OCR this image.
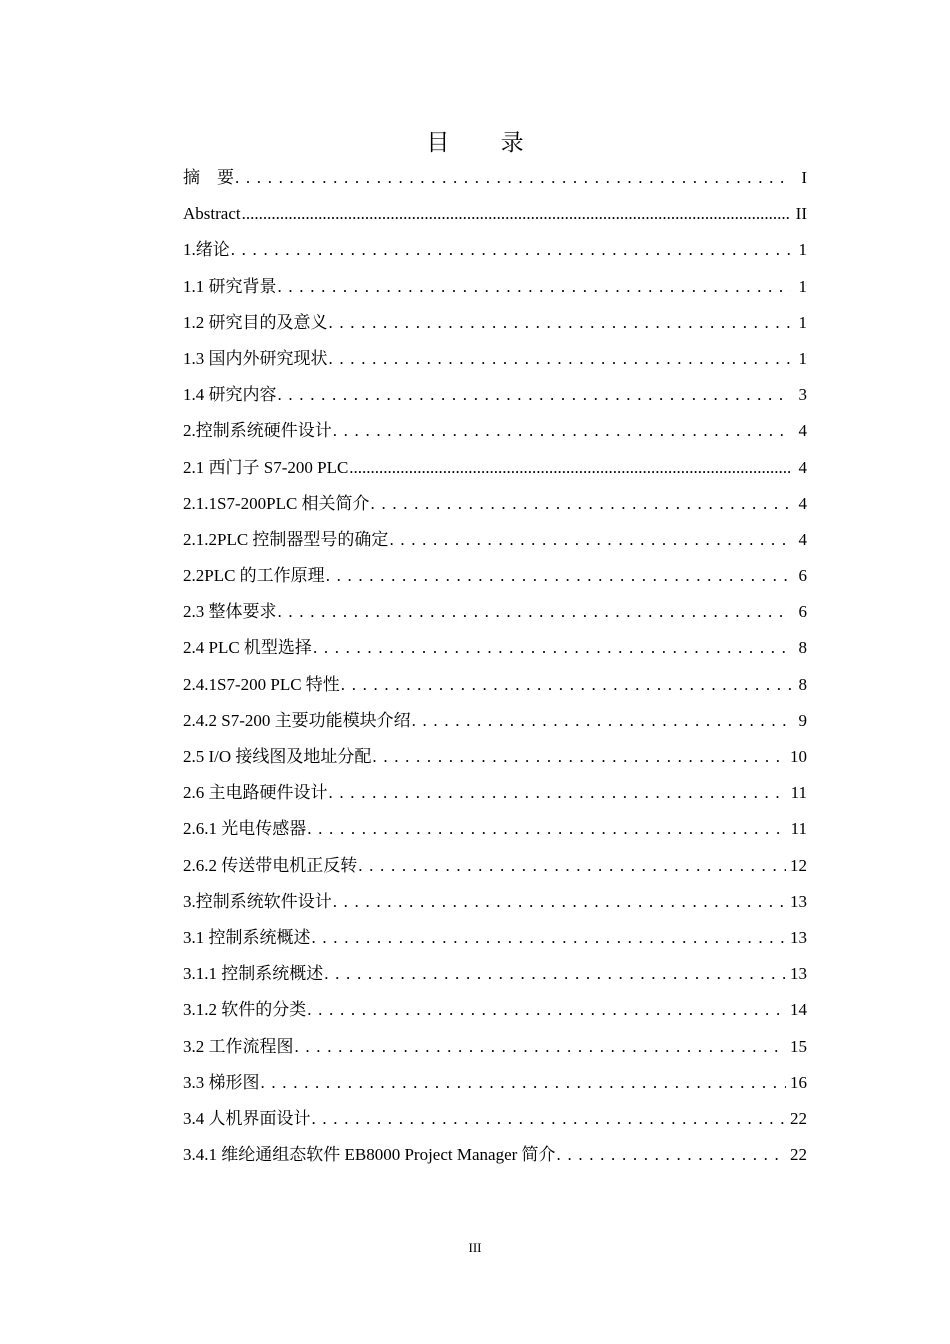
目 录
摘　要 . . .	I
Abstract .....	II
1.绪论 . . .	1
1.1 研究背景 . . .	1
1.2 研究目的及意义 . . .	1
1.3 国内外研究现状 . . .	1
1.4 研究内容 . . .	3
2.控制系统硬件设计 . . .	4
2.1 西门子 S7-200 PLC .....	4
2.1.1S7-200PLC 相关简介 . . .	4
2.1.2PLC 控制器型号的确定 . . .	4
2.2PLC 的工作原理 . . .	6
2.3 整体要求 . . .	6
2.4 PLC 机型选择 . . .	8
2.4.1S7-200 PLC 特性 . . .	8
2.4.2 S7-200 主要功能模块介绍 . . .	9
2.5 I/O 接线图及地址分配 . . .	10
2.6 主电路硬件设计 . . .	11
2.6.1 光电传感器 . . .	11
2.6.2 传送带电机正反转 . . .	12
3.控制系统软件设计 . . .	13
3.1 控制系统概述 . . .	13
3.1.1 控制系统概述 . . .	13
3.1.2 软件的分类 . . .	14
3.2 工作流程图 . . .	15
3.3 梯形图 . . .	16
3.4 人机界面设计 . . .	22
3.4.1 维纶通组态软件 EB8000 Project Manager 简介 . . .	22
III
